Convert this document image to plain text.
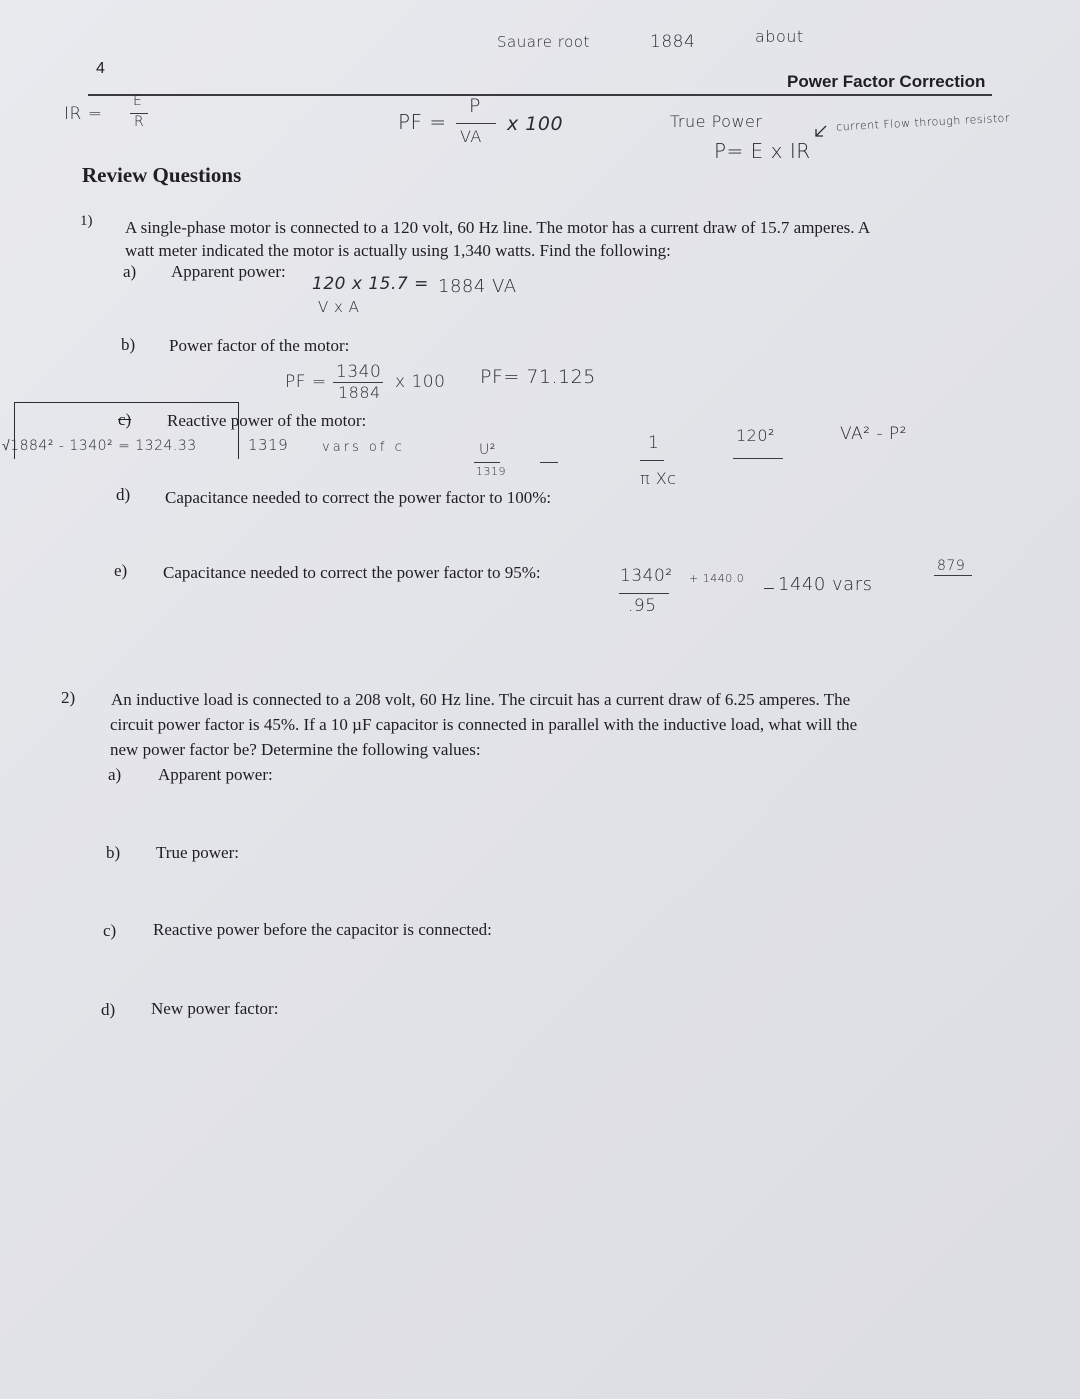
4
Power Factor Correction
Review Questions
1) A single-phase motor is connected to a 120 volt, 60 Hz line. The motor has a current draw of 15.7 amperes. A
watt meter indicated the motor is actually using 1,340 watts. Find the following:
a) Apparent power:
b) Power factor of the motor:
c) Reactive power of the motor:
d) Capacitance needed to correct the power factor to 100%:
e) Capacitance needed to correct the power factor to 95%:
2) An inductive load is connected to a 208 volt, 60 Hz line. The circuit has a current draw of 6.25 amperes. The
circuit power factor is 45%. If a 10 µF capacitor is connected in parallel with the inductive load, what will the
new power factor be? Determine the following values:
a) Apparent power:
b) True power:
c) Reactive power before the capacitor is connected:
d) New power factor:
Sauare root	1884	about
IR =
E
R	PF =
P
VA
x 100	True Power
P= E x IR
current Flow through resistor
120 x 15.7 = 1884 VA
V x A
PF = 1340
1884
x 100 PF= 71.125
√1884² - 1340² = 1324.33	1319	vars of c	U²
1319
1
π Xc
120²	VA² - P²
1340²
.95
+ 1440.0 1440 vars
879
